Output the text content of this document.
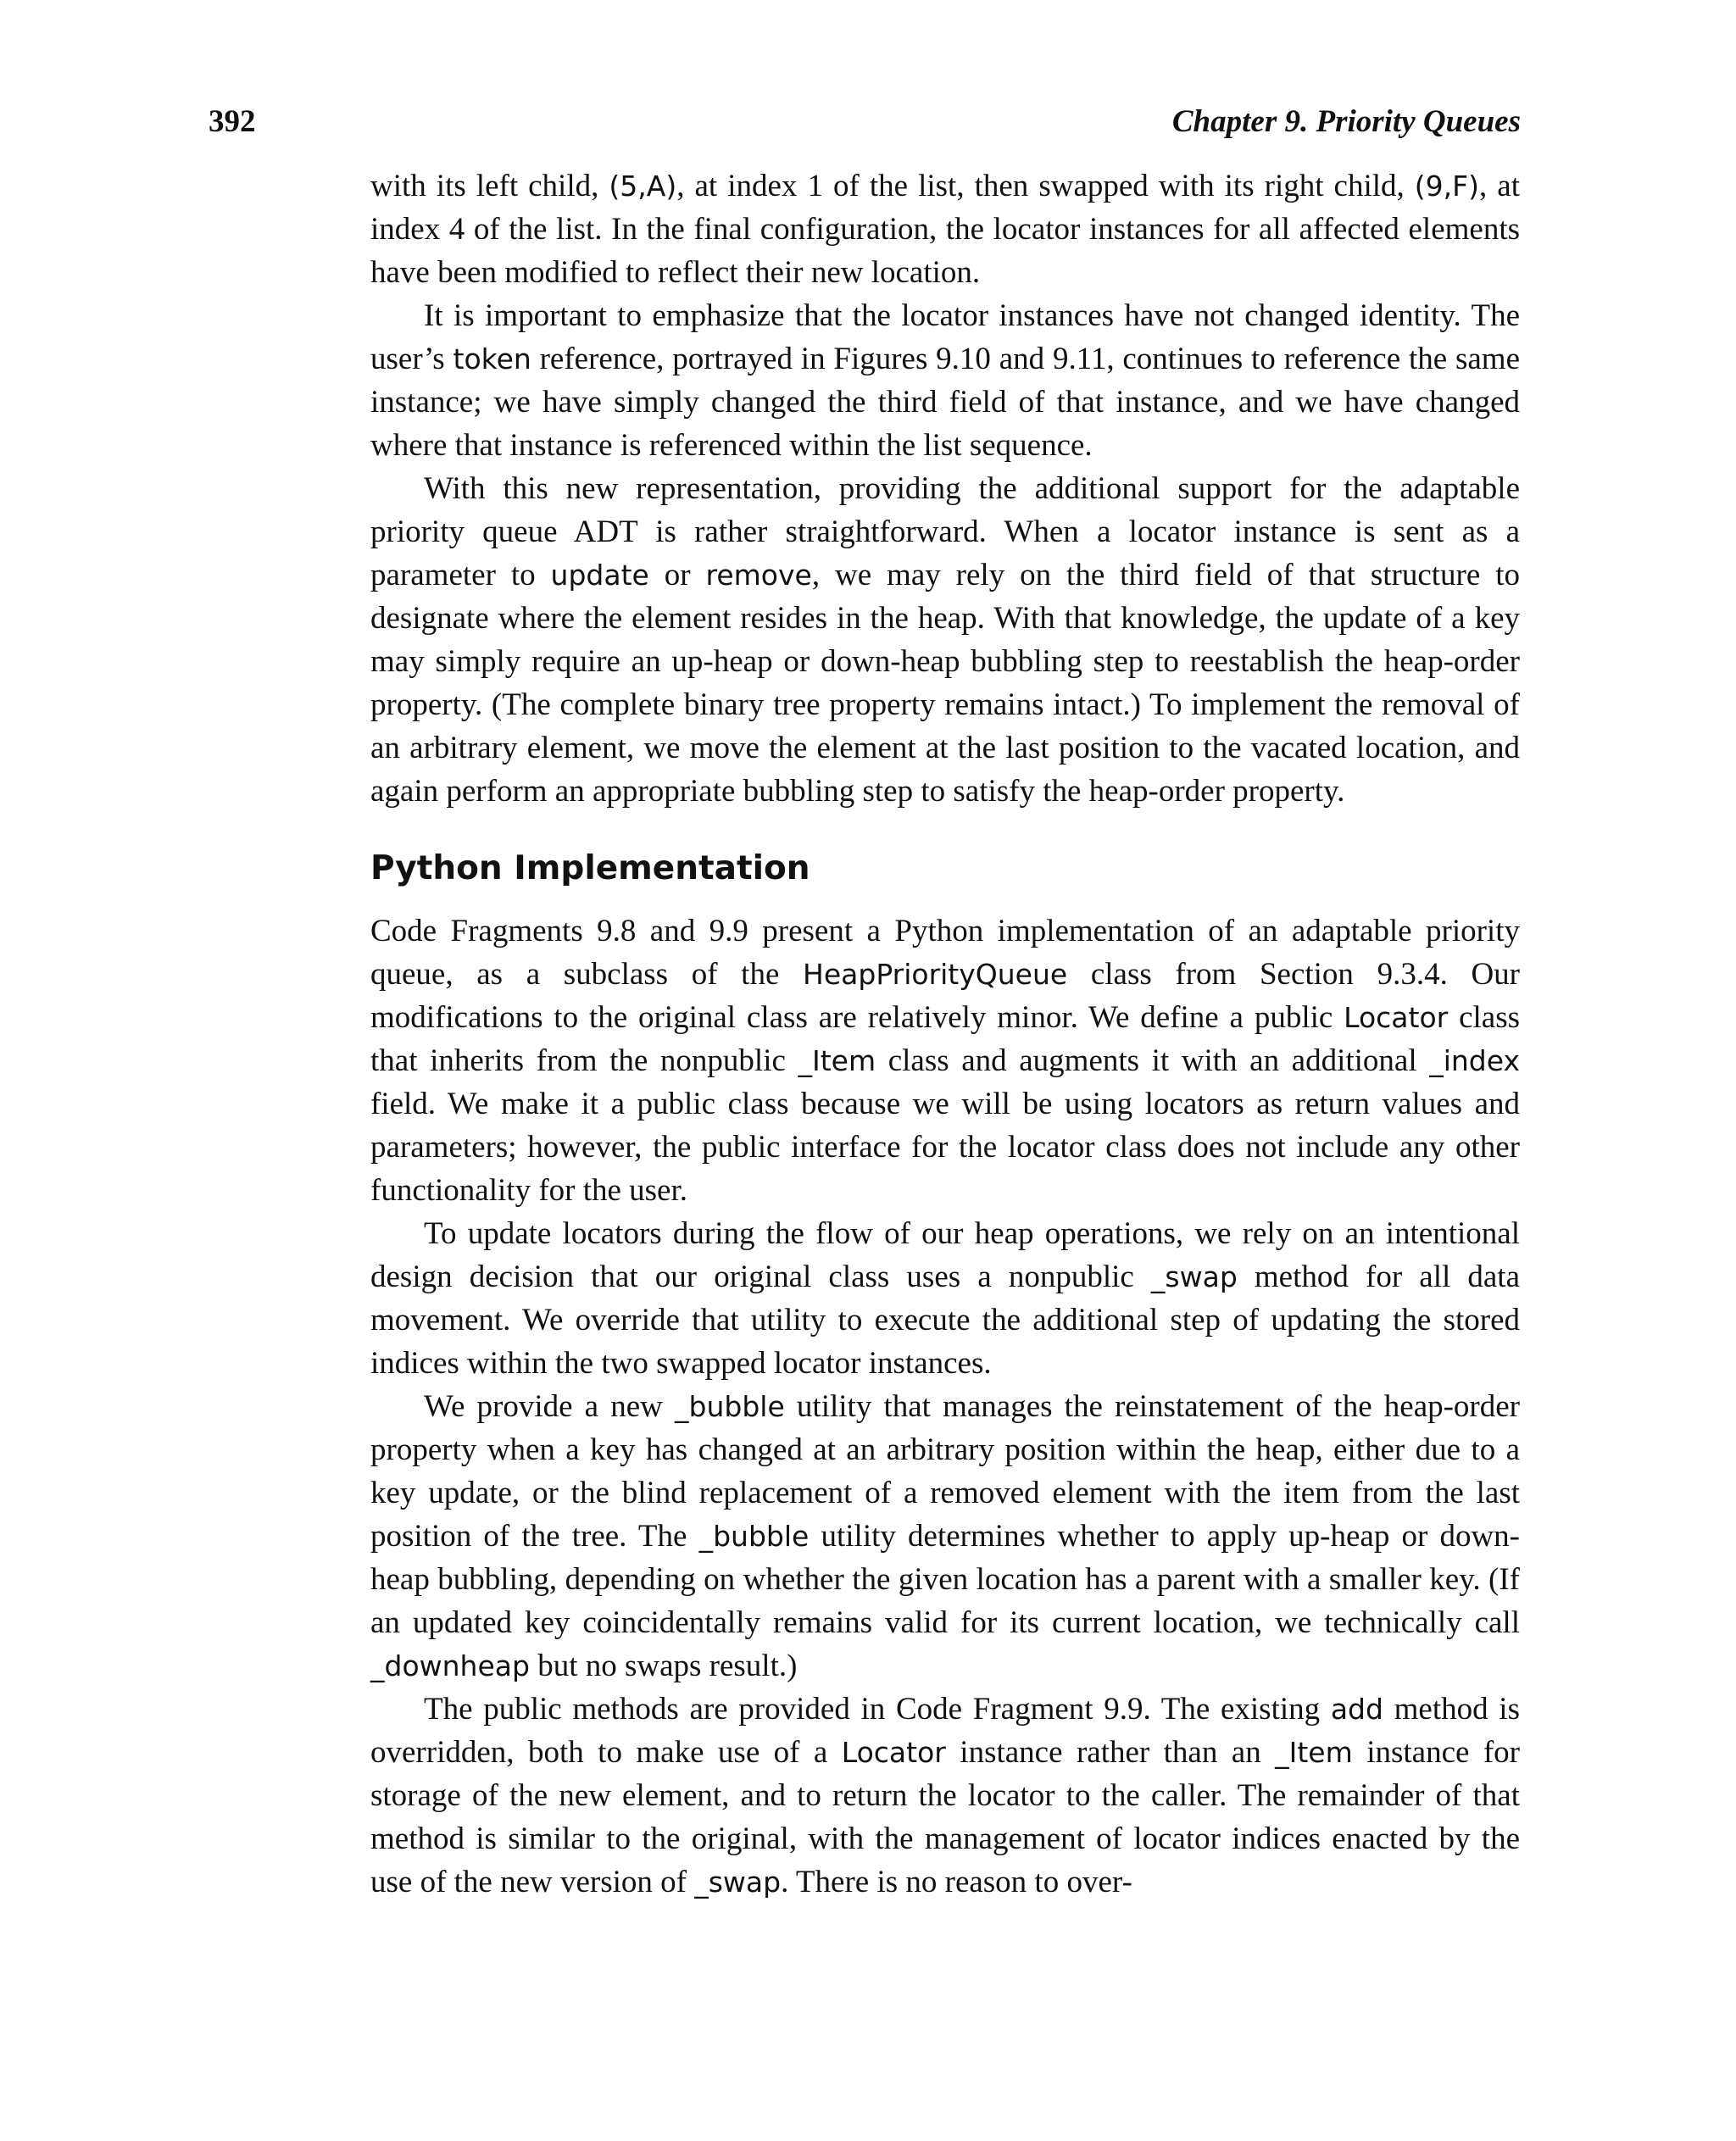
392	Chapter 9. Priority Queues

with its left child, (5,A), at index 1 of the list, then swapped with its right child, (9,F), at index 4 of the list. In the final configuration, the locator instances for all affected elements have been modified to reflect their new location.

It is important to emphasize that the locator instances have not changed identity. The user’s token reference, portrayed in Figures 9.10 and 9.11, continues to reference the same instance; we have simply changed the third field of that instance, and we have changed where that instance is referenced within the list sequence.

With this new representation, providing the additional support for the adaptable priority queue ADT is rather straightforward. When a locator instance is sent as a parameter to update or remove, we may rely on the third field of that structure to designate where the element resides in the heap. With that knowledge, the update of a key may simply require an up-heap or down-heap bubbling step to reestablish the heap-order property. (The complete binary tree property remains intact.) To implement the removal of an arbitrary element, we move the element at the last position to the vacated location, and again perform an appropriate bubbling step to satisfy the heap-order property.

Python Implementation

Code Fragments 9.8 and 9.9 present a Python implementation of an adaptable priority queue, as a subclass of the HeapPriorityQueue class from Section 9.3.4. Our modifications to the original class are relatively minor. We define a public Locator class that inherits from the nonpublic _Item class and augments it with an additional _index field. We make it a public class because we will be using locators as return values and parameters; however, the public interface for the locator class does not include any other functionality for the user.

To update locators during the flow of our heap operations, we rely on an intentional design decision that our original class uses a nonpublic _swap method for all data movement. We override that utility to execute the additional step of updating the stored indices within the two swapped locator instances.

We provide a new _bubble utility that manages the reinstatement of the heap-order property when a key has changed at an arbitrary position within the heap, either due to a key update, or the blind replacement of a removed element with the item from the last position of the tree. The _bubble utility determines whether to apply up-heap or down-heap bubbling, depending on whether the given location has a parent with a smaller key. (If an updated key coincidentally remains valid for its current location, we technically call _downheap but no swaps result.)

The public methods are provided in Code Fragment 9.9. The existing add method is overridden, both to make use of a Locator instance rather than an _Item instance for storage of the new element, and to return the locator to the caller. The remainder of that method is similar to the original, with the management of locator indices enacted by the use of the new version of _swap. There is no reason to over-
